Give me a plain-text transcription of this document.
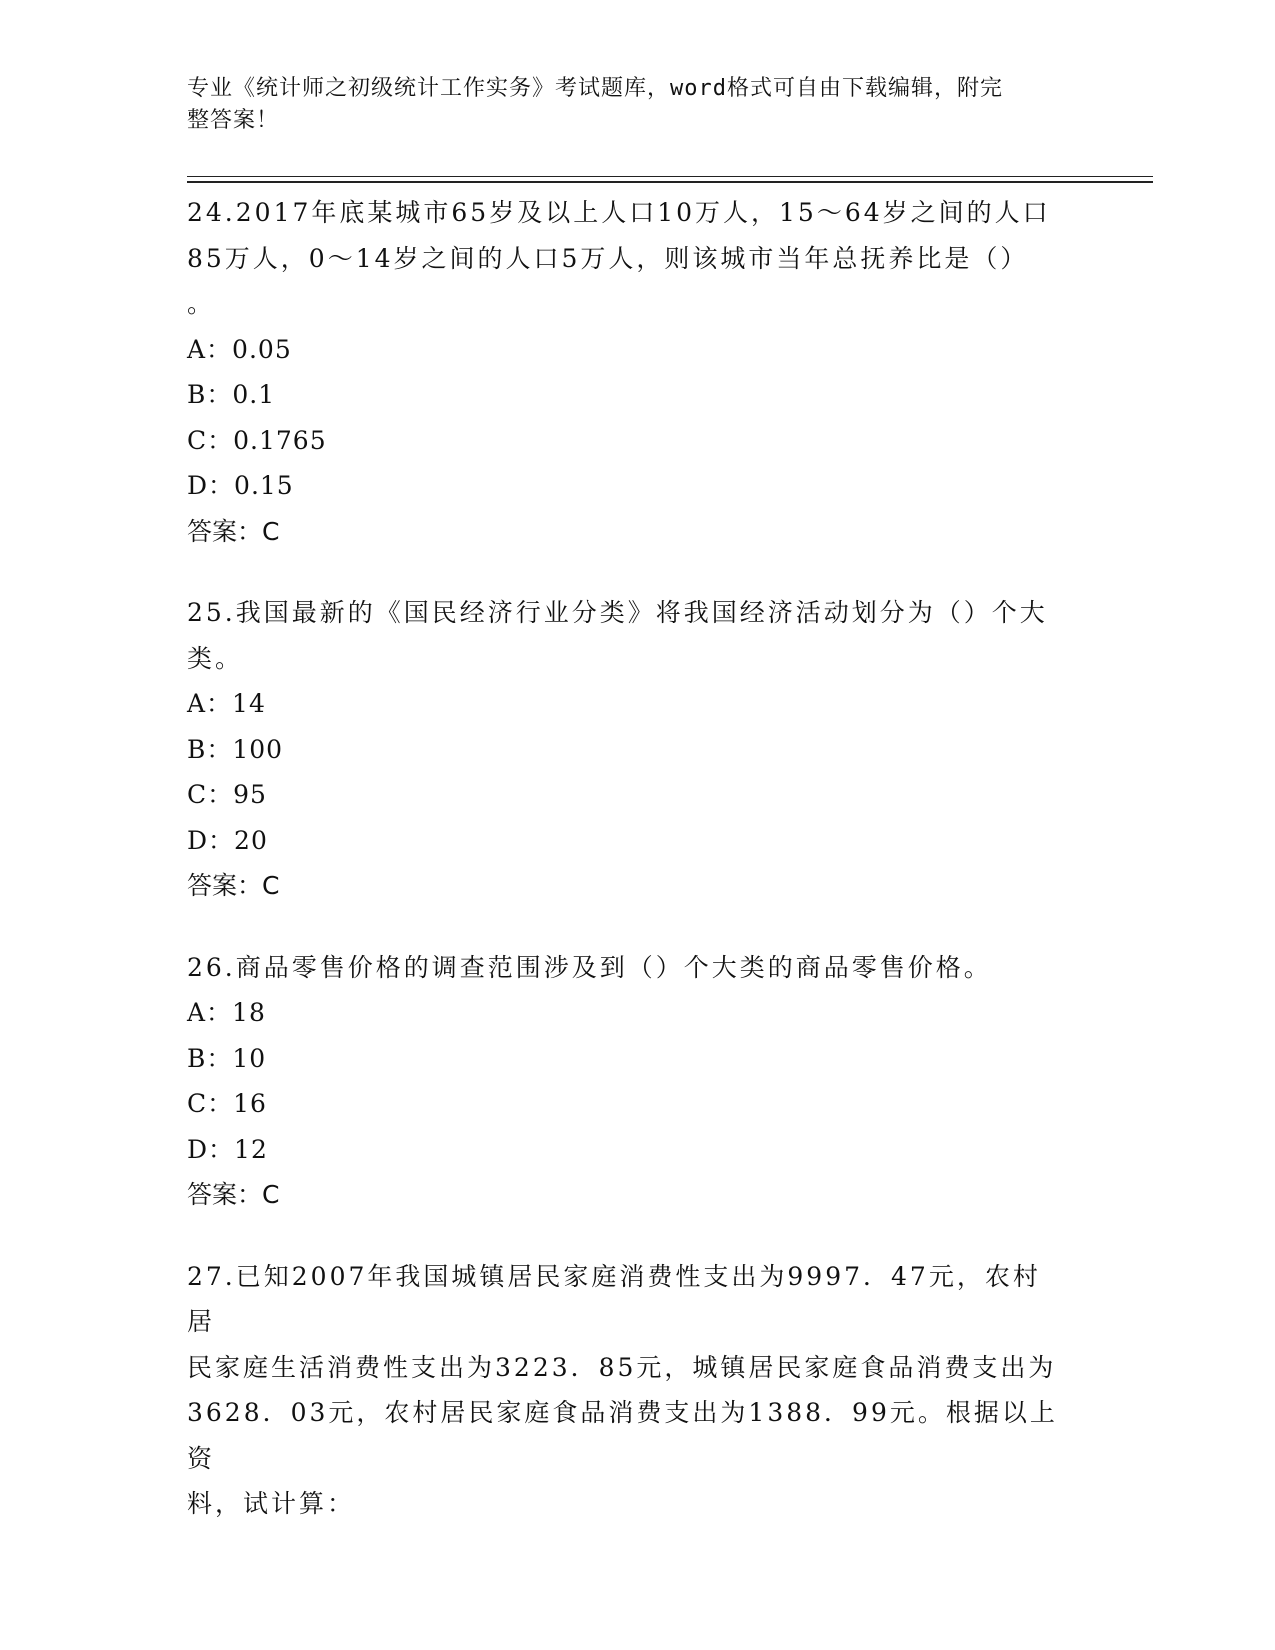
专业《统计师之初级统计工作实务》考试题库，word格式可自由下载编辑，附完
整答案！

24.2017年底某城市65岁及以上人口10万人，15～64岁之间的人口

85万人，0～14岁之间的人口5万人，则该城市当年总抚养比是（）

。

A：0.05

B：0.1

C：0.1765

D：0.15

答案：C

25.我国最新的《国民经济行业分类》将我国经济活动划分为（）个大

类。

A：14

B：100

C：95

D：20

答案：C

26.商品零售价格的调查范围涉及到（）个大类的商品零售价格。

A：18

B：10

C：16

D：12

答案：C

27.已知2007年我国城镇居民家庭消费性支出为9997．47元，农村居

民家庭生活消费性支出为3223．85元，城镇居民家庭食品消费支出为

3628．03元，农村居民家庭食品消费支出为1388．99元。根据以上资

料，试计算：
